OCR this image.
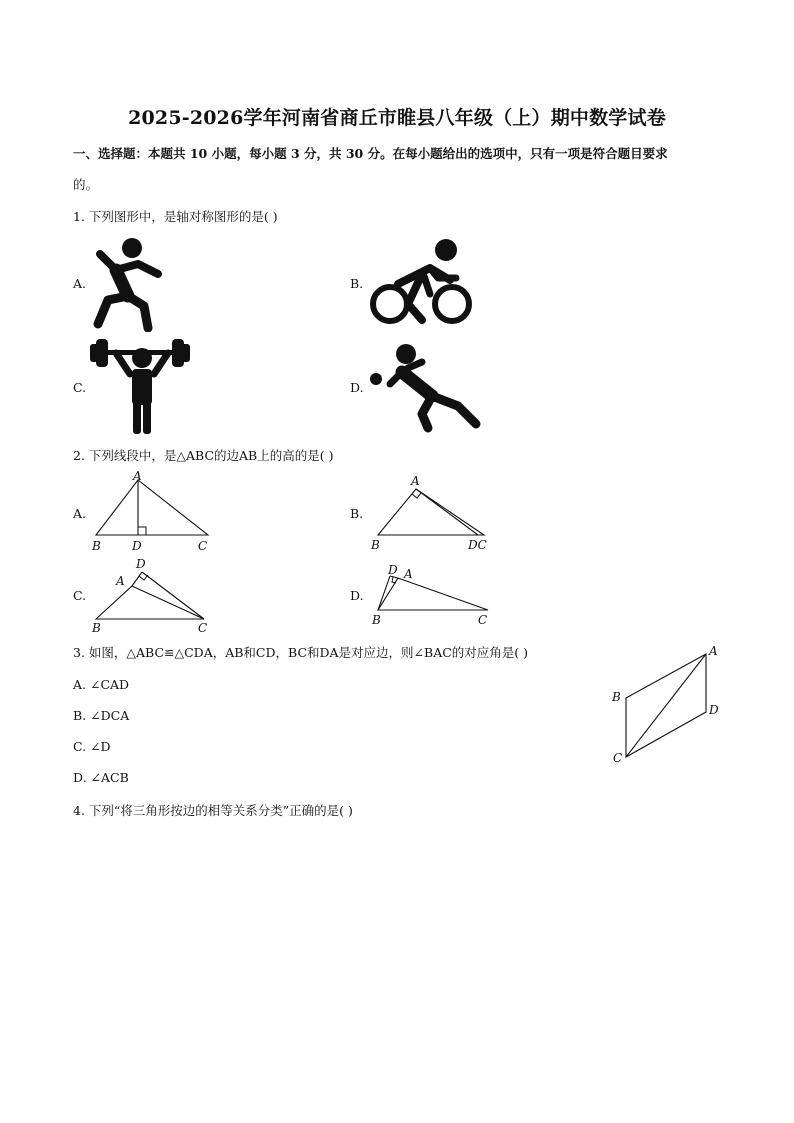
2025-2026学年河南省商丘市睢县八年级（上）期中数学试卷
一、选择题：本题共 10 小题，每小题 3 分，共 30 分。在每小题给出的选项中，只有一项是符合题目要求
的。
1. 下列图形中，是轴对称图形的是( )
A.	B.
C.	D.
2. 下列线段中，是△ABC的边AB上的高的是( )
A.
A
B	D	C
B.
A
B	DC
C.
D
A
B	C
D.
D A
B	C
3. 如图，△ABC≌△CDA，AB和CD，BC和DA是对应边，则∠BAC的对应角是( )
A. ∠CAD
B. ∠DCA
C. ∠D
D. ∠ACB
A
B
D
C
4. 下列“将三角形按边的相等关系分类”正确的是( )
